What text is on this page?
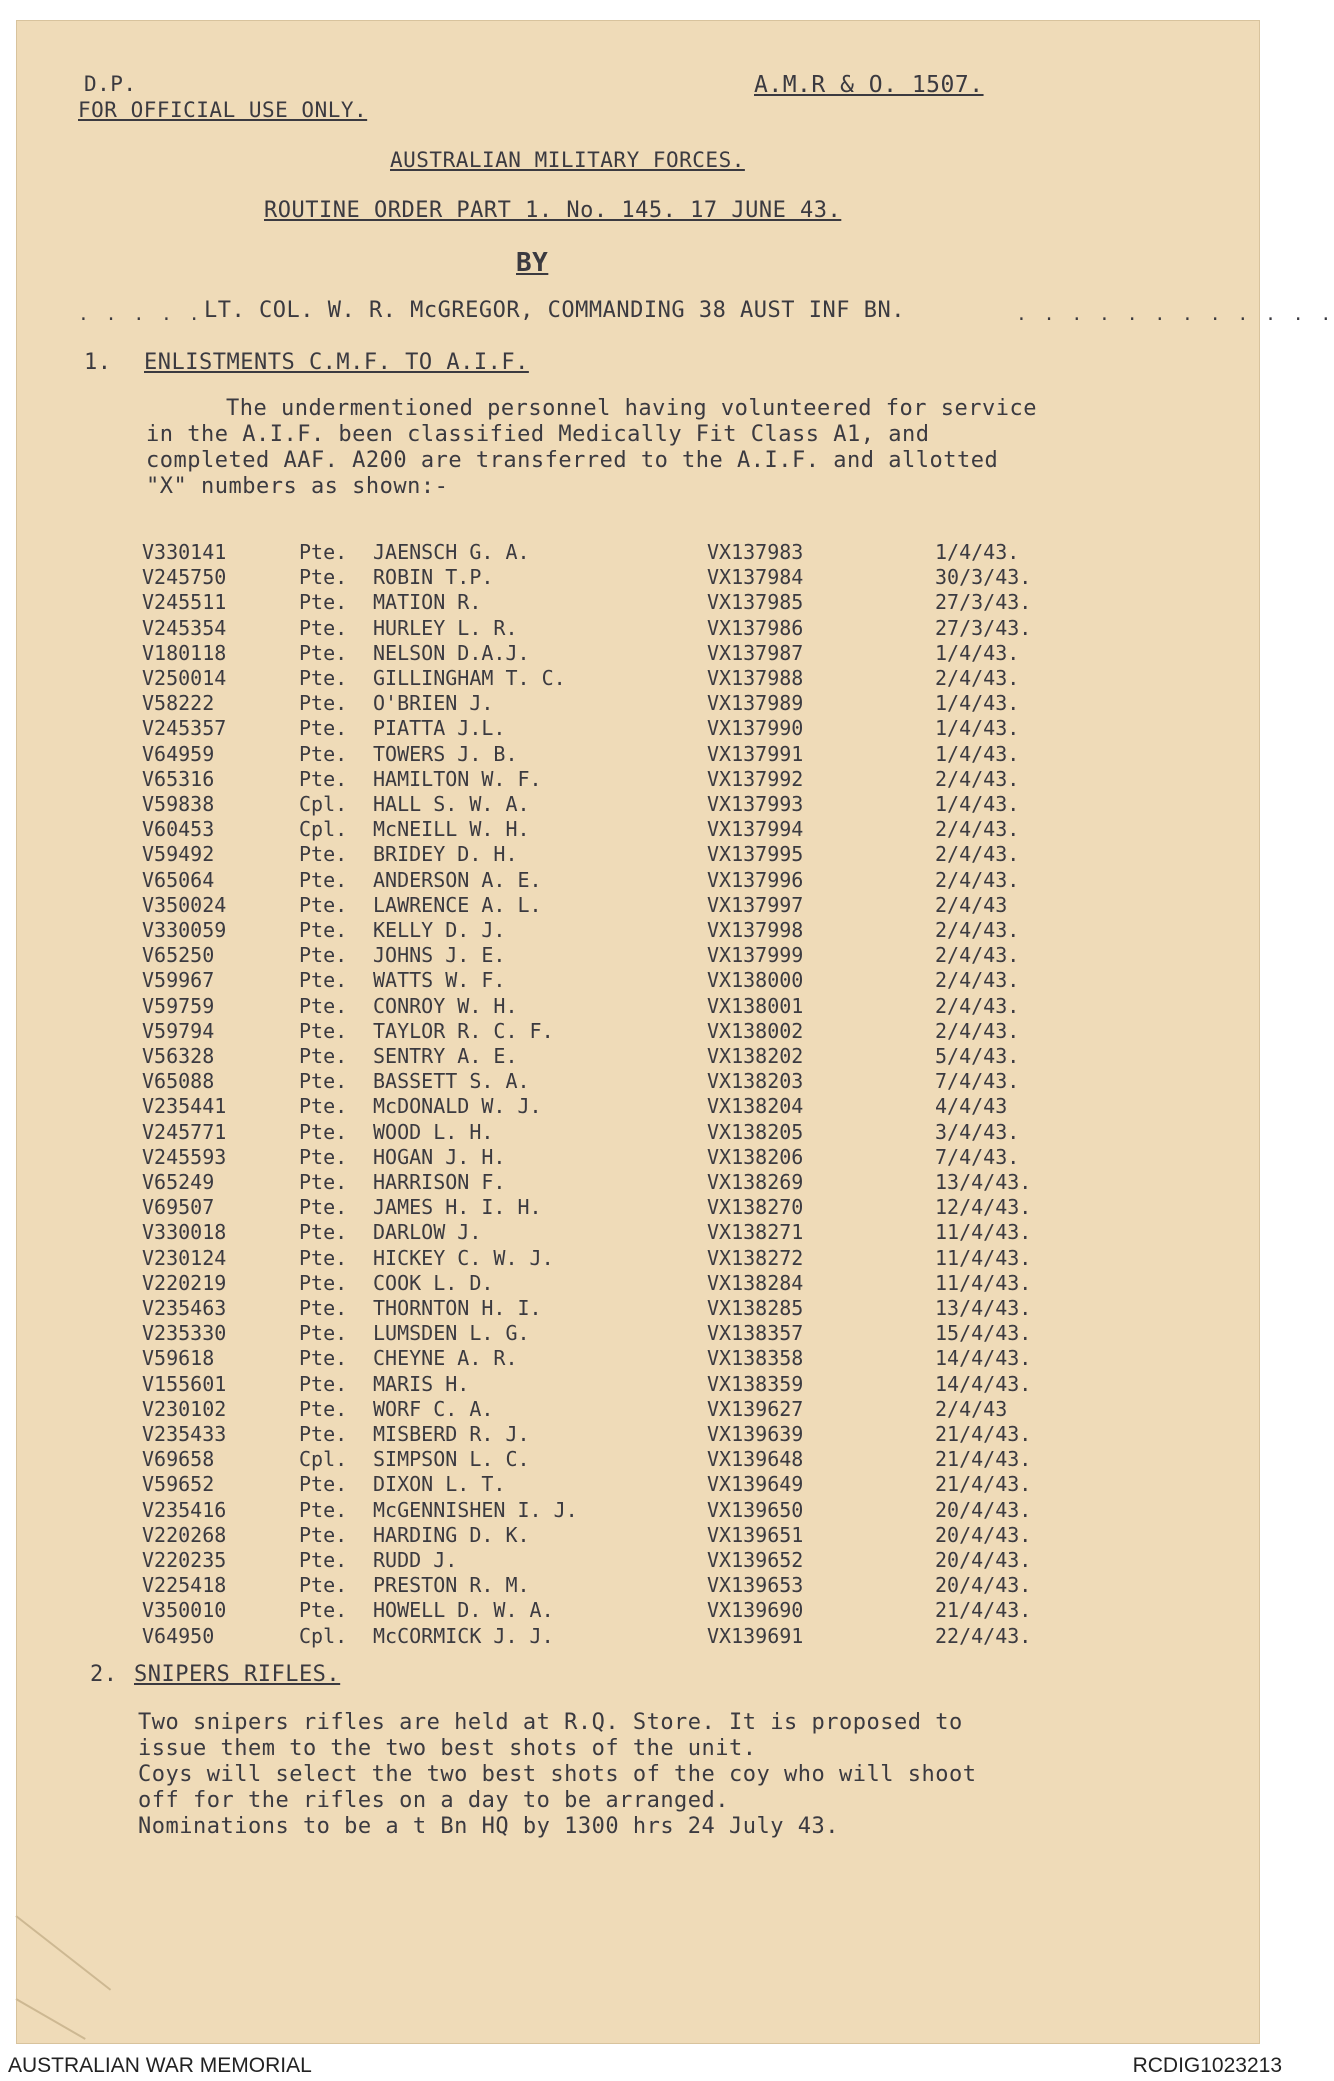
D.P.
FOR OFFICIAL USE ONLY.
A.M.R & O. 1507.
AUSTRALIAN MILITARY FORCES.
ROUTINE ORDER PART 1. No. 145. 17 JUNE 43.
BY
. . . . . LT. COL. W. R. McGREGOR, COMMANDING 38 AUST INF BN.	. . . . . . . . . . . .
1. ENLISTMENTS C.M.F. TO A.I.F.
The undermentioned personnel having volunteered for service
in the A.I.F. been classified Medically Fit Class A1, and
completed AAF. A200 are transferred to the A.I.F. and allotted
"X" numbers as shown:-
V330141	Pte. JAENSCH G. A.	VX137983	1/4/43.
V245750	Pte. ROBIN T.P.	VX137984	30/3/43.
V245511	Pte. MATION R.	VX137985	27/3/43.
V245354	Pte. HURLEY L. R.	VX137986	27/3/43.
V180118	Pte. NELSON D.A.J.	VX137987	1/4/43.
V250014	Pte. GILLINGHAM T. C.	VX137988	2/4/43.
V58222	Pte. O'BRIEN J.	VX137989	1/4/43.
V245357	Pte. PIATTA J.L.	VX137990	1/4/43.
V64959	Pte. TOWERS J. B.	VX137991	1/4/43.
V65316	Pte. HAMILTON W. F.	VX137992	2/4/43.
V59838	Cpl. HALL S. W. A.	VX137993	1/4/43.
V60453	Cpl. McNEILL W. H.	VX137994	2/4/43.
V59492	Pte. BRIDEY D. H.	VX137995	2/4/43.
V65064	Pte. ANDERSON A. E.	VX137996	2/4/43.
V350024	Pte. LAWRENCE A. L.	VX137997	2/4/43
V330059	Pte. KELLY D. J.	VX137998	2/4/43.
V65250	Pte. JOHNS J. E.	VX137999	2/4/43.
V59967	Pte. WATTS W. F.	VX138000	2/4/43.
V59759	Pte. CONROY W. H.	VX138001	2/4/43.
V59794	Pte. TAYLOR R. C. F.	VX138002	2/4/43.
V56328	Pte. SENTRY A. E.	VX138202	5/4/43.
V65088	Pte. BASSETT S. A.	VX138203	7/4/43.
V235441	Pte. McDONALD W. J.	VX138204	4/4/43
V245771	Pte. WOOD L. H.	VX138205	3/4/43.
V245593	Pte. HOGAN J. H.	VX138206	7/4/43.
V65249	Pte. HARRISON F.	VX138269	13/4/43.
V69507	Pte. JAMES H. I. H.	VX138270	12/4/43.
V330018	Pte. DARLOW J.	VX138271	11/4/43.
V230124	Pte. HICKEY C. W. J.	VX138272	11/4/43.
V220219	Pte. COOK L. D.	VX138284	11/4/43.
V235463	Pte. THORNTON H. I.	VX138285	13/4/43.
V235330	Pte. LUMSDEN L. G.	VX138357	15/4/43.
V59618	Pte. CHEYNE A. R.	VX138358	14/4/43.
V155601	Pte. MARIS H.	VX138359	14/4/43.
V230102	Pte. WORF C. A.	VX139627	2/4/43
V235433	Pte. MISBERD R. J.	VX139639	21/4/43.
V69658	Cpl. SIMPSON L. C.	VX139648	21/4/43.
V59652	Pte. DIXON L. T.	VX139649	21/4/43.
V235416	Pte. McGENNISHEN I. J.	VX139650	20/4/43.
V220268	Pte. HARDING D. K.	VX139651	20/4/43.
V220235	Pte. RUDD J.	VX139652	20/4/43.
V225418	Pte. PRESTON R. M.	VX139653	20/4/43.
V350010	Pte. HOWELL D. W. A.	VX139690	21/4/43.
V64950	Cpl. McCORMICK J. J.	VX139691	22/4/43.
2. SNIPERS RIFLES.
Two snipers rifles are held at R.Q. Store. It is proposed to
issue them to the two best shots of the unit.
Coys will select the two best shots of the coy who will shoot
off for the rifles on a day to be arranged.
Nominations to be a t Bn HQ by 1300 hrs 24 July 43.
AUSTRALIAN WAR MEMORIAL	RCDIG1023213
